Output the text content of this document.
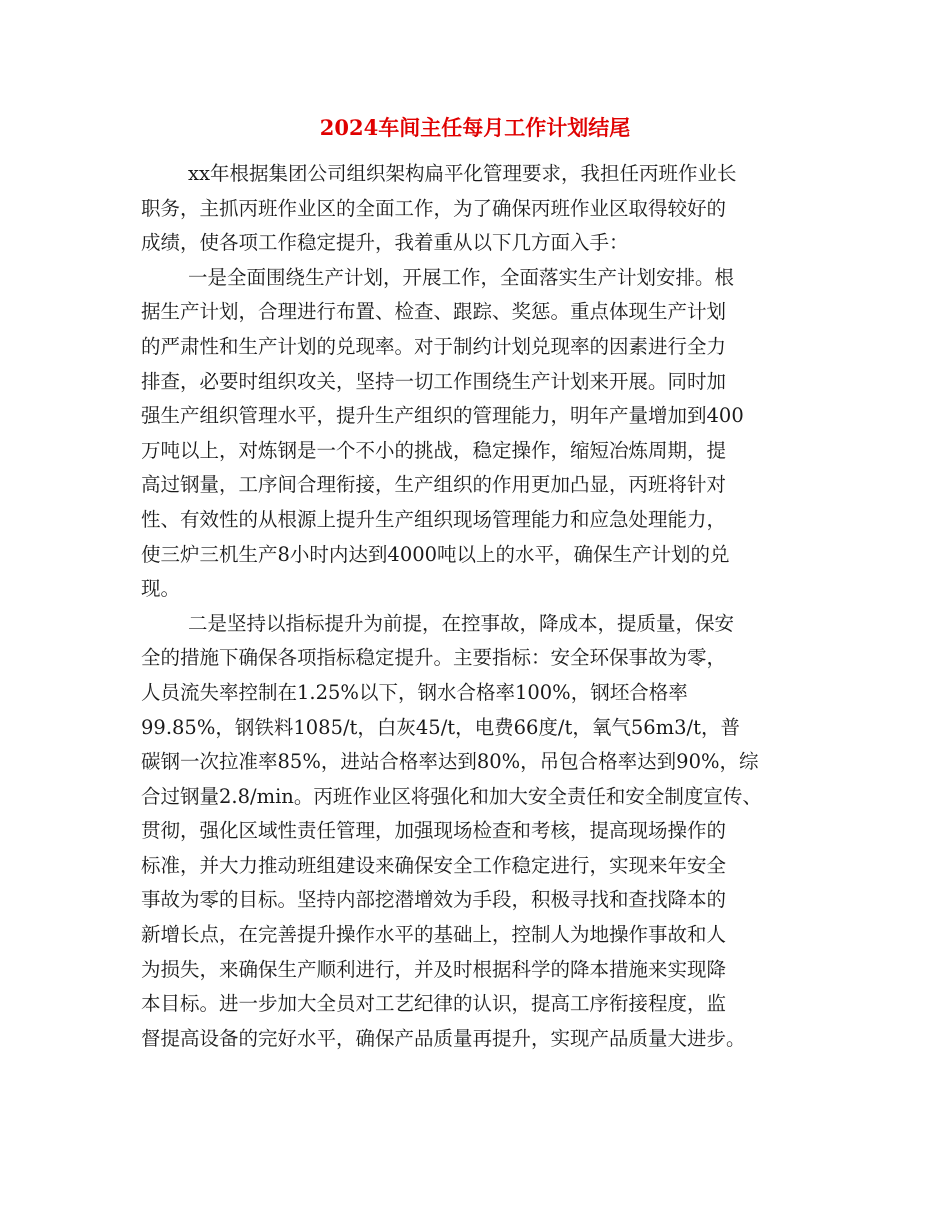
2024车间主任每月工作计划结尾

xx年根据集团公司组织架构扁平化管理要求，我担任丙班作业长
职务，主抓丙班作业区的全面工作，为了确保丙班作业区取得较好的
成绩，使各项工作稳定提升，我着重从以下几方面入手：

一是全面围绕生产计划，开展工作，全面落实生产计划安排。根
据生产计划，合理进行布置、检查、跟踪、奖惩。重点体现生产计划
的严肃性和生产计划的兑现率。对于制约计划兑现率的因素进行全力
排查，必要时组织攻关，坚持一切工作围绕生产计划来开展。同时加
强生产组织管理水平，提升生产组织的管理能力，明年产量增加到400
万吨以上，对炼钢是一个不小的挑战，稳定操作，缩短冶炼周期，提
高过钢量，工序间合理衔接，生产组织的作用更加凸显，丙班将针对
性、有效性的从根源上提升生产组织现场管理能力和应急处理能力，
使三炉三机生产8小时内达到4000吨以上的水平，确保生产计划的兑
现。

二是坚持以指标提升为前提，在控事故，降成本，提质量，保安
全的措施下确保各项指标稳定提升。主要指标：安全环保事故为零，
人员流失率控制在1.25%以下，钢水合格率100%，钢坯合格率
99.85%，钢铁料1085/t，白灰45/t，电费66度/t，氧气56m3/t，普
碳钢一次拉准率85%，进站合格率达到80%，吊包合格率达到90%，综
合过钢量2.8/min。丙班作业区将强化和加大安全责任和安全制度宣传、
贯彻，强化区域性责任管理，加强现场检查和考核，提高现场操作的
标准，并大力推动班组建设来确保安全工作稳定进行，实现来年安全
事故为零的目标。坚持内部挖潜增效为手段，积极寻找和查找降本的
新增长点，在完善提升操作水平的基础上，控制人为地操作事故和人
为损失，来确保生产顺利进行，并及时根据科学的降本措施来实现降
本目标。进一步加大全员对工艺纪律的认识，提高工序衔接程度，监
督提高设备的完好水平，确保产品质量再提升，实现产品质量大进步。
